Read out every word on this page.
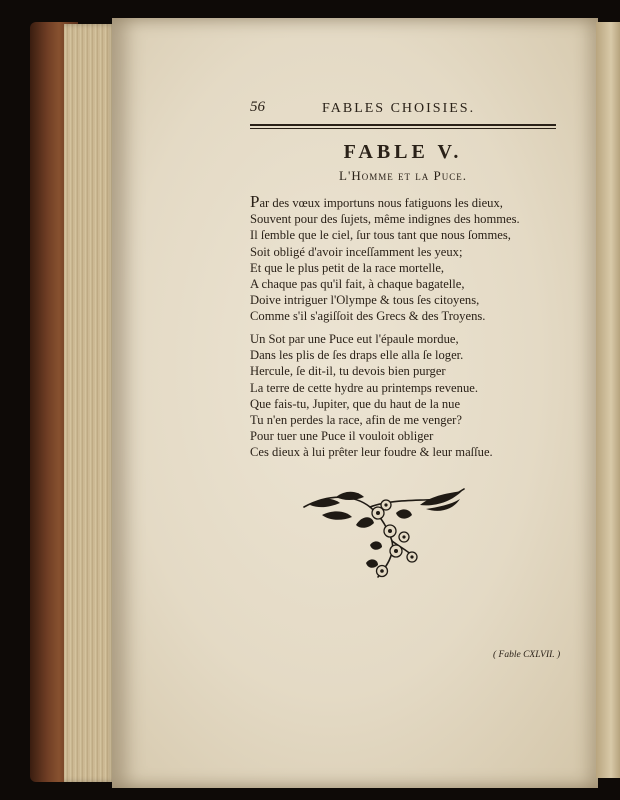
56	FABLES CHOISIES.
FABLE V.
L'Homme et la Puce.
Par des vœux importuns nous fatiguons les dieux,
Souvent pour des ſujets, même indignes des hommes.
Il ſemble que le ciel, ſur tous tant que nous ſommes,
Soit obligé d'avoir inceſſamment les yeux;
Et que le plus petit de la race mortelle,
A chaque pas qu'il fait, à chaque bagatelle,
Doive intriguer l'Olympe & tous ſes citoyens,
Comme s'il s'agiſſoit des Grecs & des Troyens.
Un Sot par une Puce eut l'épaule mordue,
Dans les plis de ſes draps elle alla ſe loger.
Hercule, ſe dit-il, tu devois bien purger
La terre de cette hydre au printemps revenue.
Que fais-tu, Jupiter, que du haut de la nue
Tu n'en perdes la race, afin de me venger?
Pour tuer une Puce il vouloit obliger
Ces dieux à lui prêter leur foudre & leur maſſue.
( Fable CXLVII. )
